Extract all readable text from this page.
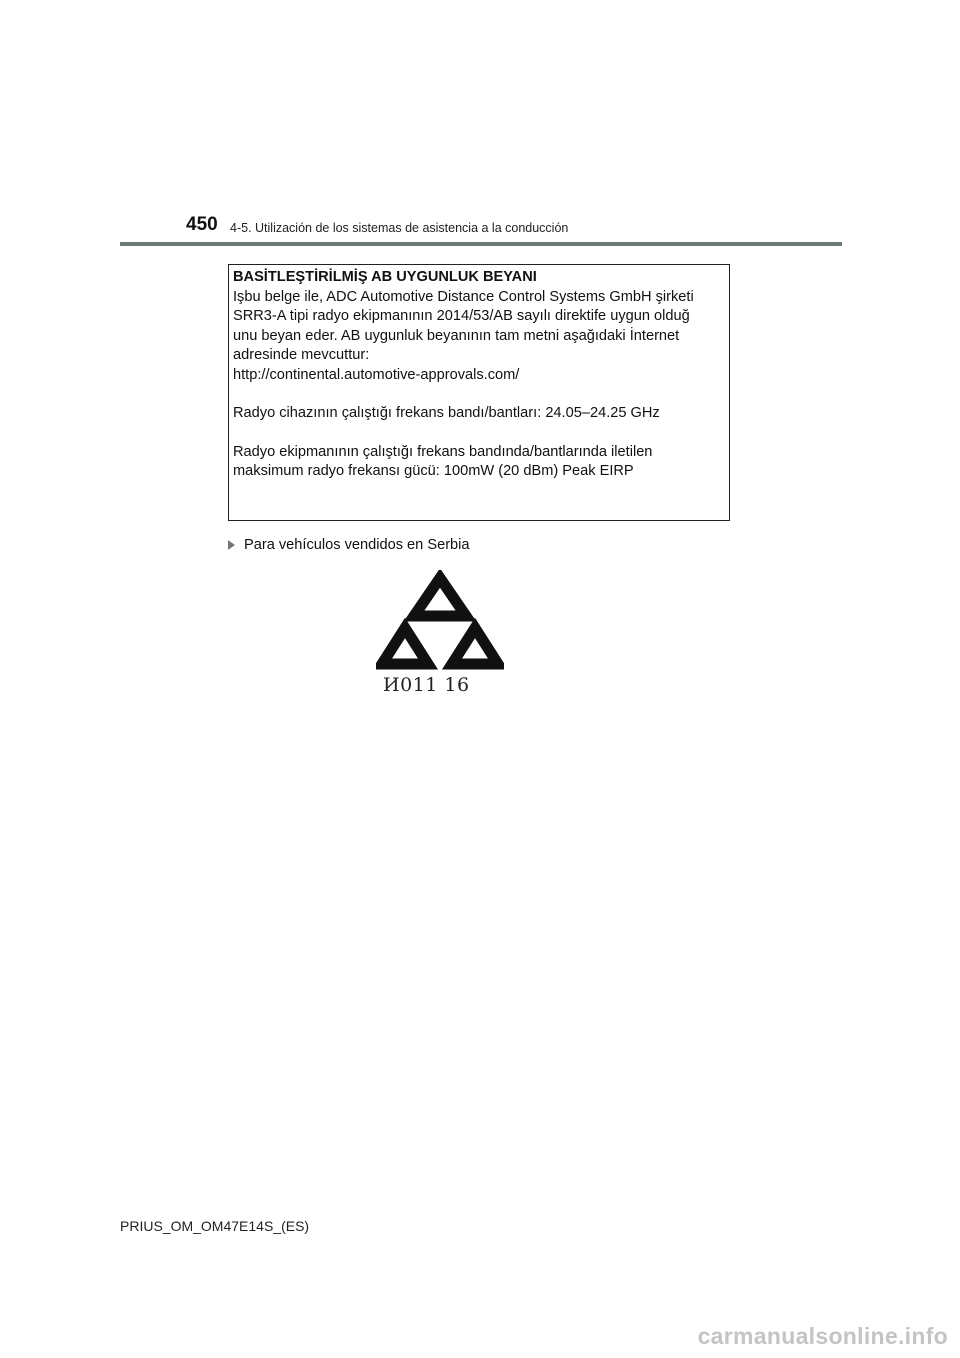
450 4-5. Utilización de los sistemas de asistencia a la conducción

BASİTLEŞTİRİLMİŞ AB UYGUNLUK BEYANI

Işbu belge ile, ADC Automotive Distance Control Systems GmbH şirketi

SRR3-A tipi radyo ekipmanının 2014/53/AB sayılı direktife uygun olduğ

unu beyan eder. AB uygunluk beyanının tam metni aşağıdaki İnternet

adresinde mevcuttur:

http://continental.automotive-approvals.com/

Radyo cihazının çalıştığı frekans bandı/bantları: 24.05–24.25 GHz

Radyo ekipmanının çalıştığı frekans bandında/bantlarında iletilen

maksimum radyo frekansı gücü: 100mW (20 dBm) Peak EIRP

Para vehículos vendidos en Serbia
И011 16
PRIUS_OM_OM47E14S_(ES)
carmanualsonline.info
